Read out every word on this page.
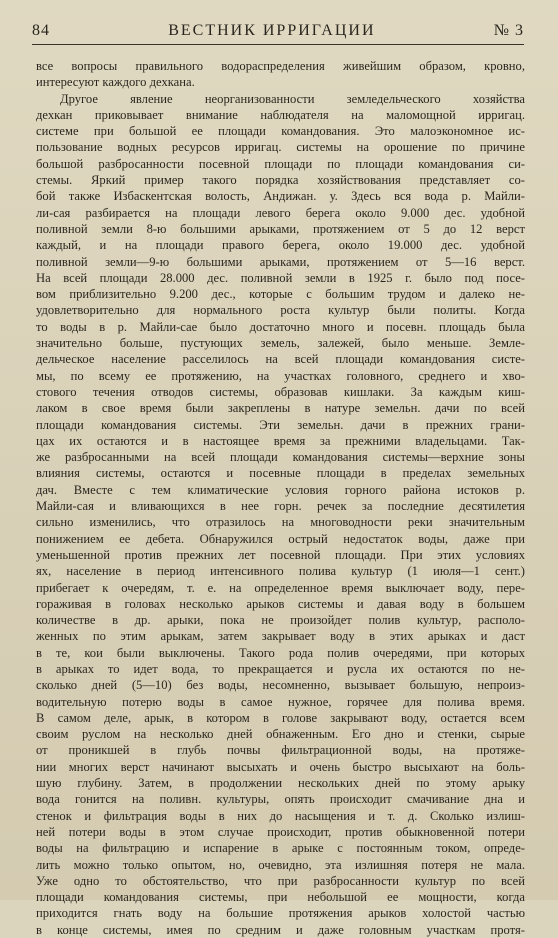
84	ВЕСТНИК ИРРИГАЦИИ	№ 3
все вопросы правильного водораспределения живейшим образом, кровно,
интересуют каждого дехкана.
Другое явление неорганизованности земледельческого хозяйства
дехкан приковывает внимание наблюдателя на маломощной ирригац.
системе при большой ее площади командования. Это малоэкономное ис-
пользование водных ресурсов ирригац. системы на орошение по причине
большой разбросанности посевной площади по площади командования си-
стемы. Яркий пример такого порядка хозяйствования представляет со-
бой также Избаскентская волость, Андижан. у. Здесь вся вода р. Майли-
ли-сая разбирается на площади левого берега около 9.000 дес. удобной
поливной земли 8-ю большими арыками, протяжением от 5 до 12 верст
каждый, и на площади правого берега, около 19.000 дес. удобной
поливной земли—9-ю большими арыками, протяжением от 5—16 верст.
На всей площади 28.000 дес. поливной земли в 1925 г. было под посе-
вом приблизительно 9.200 дес., которые с большим трудом и далеко не-
удовлетворительно для нормального роста культур были политы. Когда
то воды в р. Майли-сае было достаточно много и посевн. площадь была
значительно больше, пустующих земель, залежей, было меньше. Земле-
дельческое население расселилось на всей площади командования систе-
мы, по всему ее протяжению, на участках головного, среднего и хво-
стового течения отводов системы, образовав кишлаки. За каждым киш-
лаком в свое время были закреплены в натуре земельн. дачи по всей
площади командования системы. Эти земельн. дачи в прежних грани-
цах их остаются и в настоящее время за прежними владельцами. Так-
же разбросанными на всей площади командования системы—верхние зоны
влияния системы, остаются и посевные площади в пределах земельных
дач. Вместе с тем климатические условия горного района истоков р.
Майли-сая и вливающихся в нее горн. речек за последние десятилетия
сильно изменились, что отразилось на многоводности реки значительным
понижением ее дебета. Обнаружился острый недостаток воды, даже при
уменьшенной против прежних лет посевной площади. При этих условиях
ях, население в период интенсивного полива культур (1 июля—1 сент.)
прибегает к очередям, т. е. на определенное время выключает воду, пере-
гораживая в головах несколько арыков системы и давая воду в большем
количестве в др. арыки, пока не произойдет полив культур, располо-
женных по этим арыкам, затем закрывает воду в этих арыках и даст
в те, кои были выключены. Такого рода полив очередями, при которых
в арыках то идет вода, то прекращается и русла их остаются по не-
сколько дней (5—10) без воды, несомненно, вызывает большую, непроиз-
водительную потерю воды в самое нужное, горячее для полива время.
В самом деле, арык, в котором в голове закрывают воду, остается всем
своим руслом на несколько дней обнаженным. Его дно и стенки, сырые
от проникшей в глубь почвы фильтрационной воды, на протяже-
нии многих верст начинают высыхать и очень быстро высыхают на боль-
шую глубину. Затем, в продолжении нескольких дней по этому арыку
вода гонится на поливн. культуры, опять происходит смачивание дна и
стенок и фильтрация воды в них до насыщения и т. д. Сколько излиш-
ней потери воды в этом случае происходит, против обыкновенной потери
воды на фильтрацию и испарение в арыке с постоянным током, опреде-
лить можно только опытом, но, очевидно, эта излишняя потеря не мала.
Уже одно то обстоятельство, что при разбросанности культур по всей
площади командования системы, при небольшой ее мощности, когда
приходится гнать воду на большие протяжения арыков холостой частью
в конце системы, имея по средним и даже головным участкам протя-
